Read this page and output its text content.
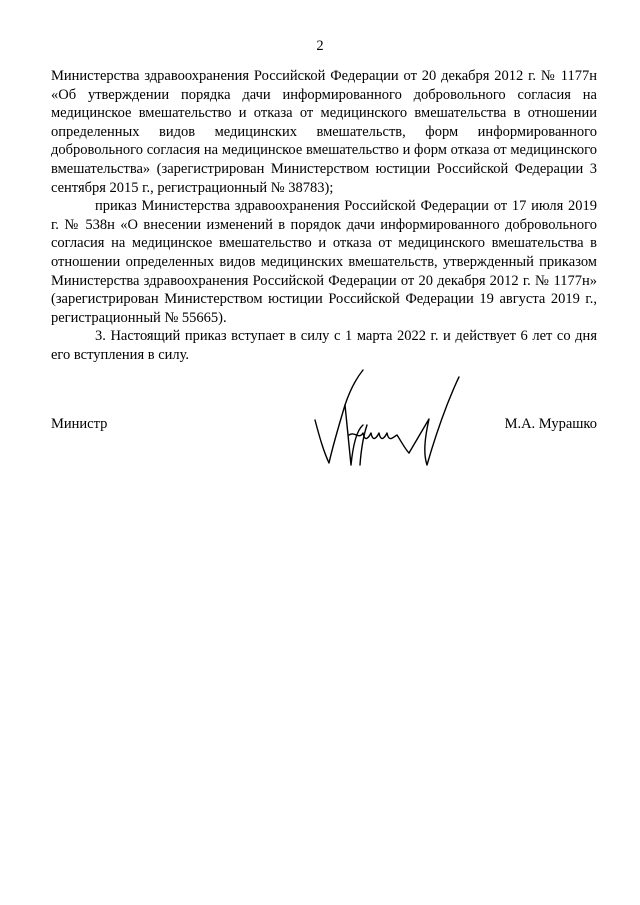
2

Министерства здравоохранения Российской Федерации от 20 декабря 2012 г. № 1177н «Об утверждении порядка дачи информированного добровольного согласия на медицинское вмешательство и отказа от медицинского вмешательства в отношении определенных видов медицинских вмешательств, форм информированного добровольного согласия на медицинское вмешательство и форм отказа от медицинского вмешательства» (зарегистрирован Министерством юстиции Российской Федерации 3 сентября 2015 г., регистрационный № 38783);

приказ Министерства здравоохранения Российской Федерации от 17 июля 2019 г. № 538н «О внесении изменений в порядок дачи информированного добровольного согласия на медицинское вмешательство и отказа от медицинского вмешательства в отношении определенных видов медицинских вмешательств, утвержденный приказом Министерства здравоохранения Российской Федерации от 20 декабря 2012 г. № 1177н» (зарегистрирован Министерством юстиции Российской Федерации 19 августа 2019 г., регистрационный № 55665).

3. Настоящий приказ вступает в силу с 1 марта 2022 г. и действует 6 лет со дня его вступления в силу.

Министр	М.А. Мурашко
